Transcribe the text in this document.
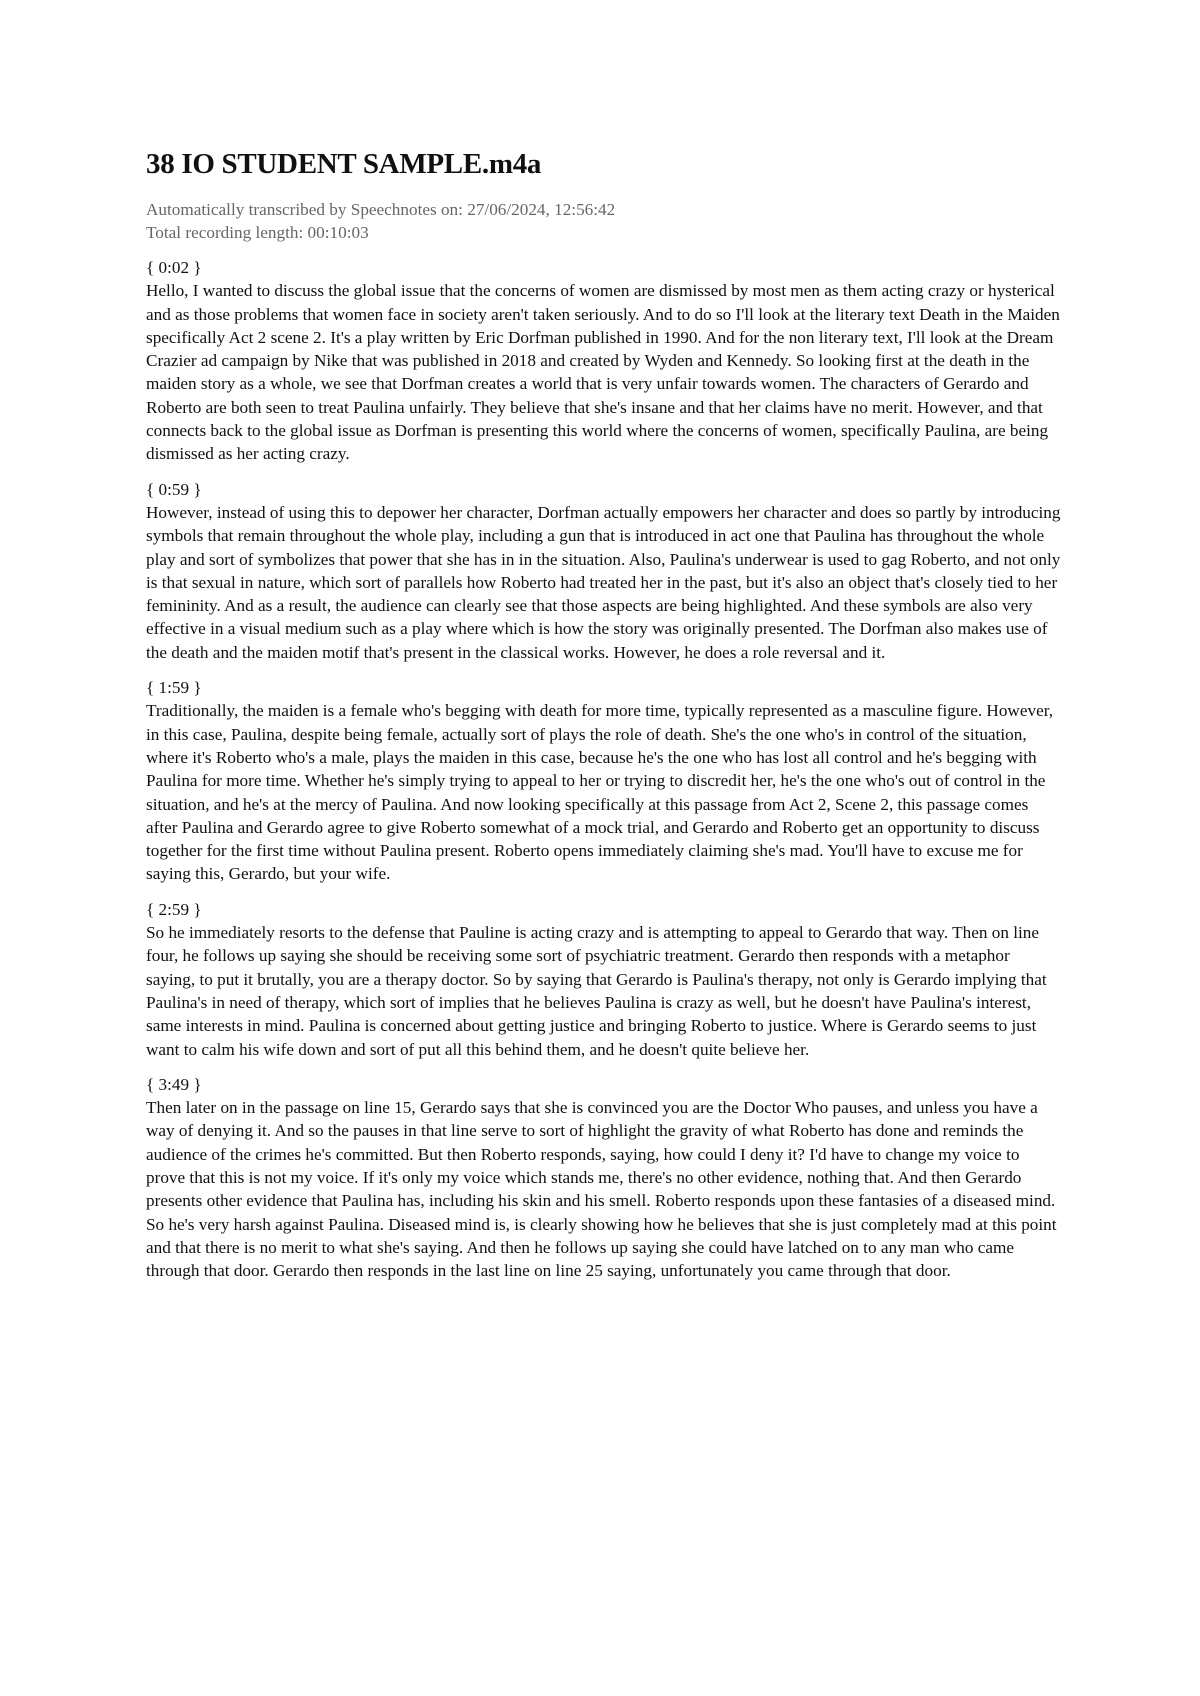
38 IO STUDENT SAMPLE.m4a
Automatically transcribed by Speechnotes on: 27/06/2024, 12:56:42
Total recording length: 00:10:03
{ 0:02 }

Hello, I wanted to discuss the global issue that the concerns of women are dismissed by most men as them acting crazy or hysterical and as those problems that women face in society aren't taken seriously. And to do so I'll look at the literary text Death in the Maiden specifically Act 2 scene 2. It's a play written by Eric Dorfman published in 1990. And for the non literary text, I'll look at the Dream Crazier ad campaign by Nike that was published in 2018 and created by Wyden and Kennedy. So looking first at the death in the maiden story as a whole, we see that Dorfman creates a world that is very unfair towards women. The characters of Gerardo and Roberto are both seen to treat Paulina unfairly. They believe that she's insane and that her claims have no merit. However, and that connects back to the global issue as Dorfman is presenting this world where the concerns of women, specifically Paulina, are being dismissed as her acting crazy.

{ 0:59 }

However, instead of using this to depower her character, Dorfman actually empowers her character and does so partly by introducing symbols that remain throughout the whole play, including a gun that is introduced in act one that Paulina has throughout the whole play and sort of symbolizes that power that she has in in the situation. Also, Paulina's underwear is used to gag Roberto, and not only is that sexual in nature, which sort of parallels how Roberto had treated her in the past, but it's also an object that's closely tied to her femininity. And as a result, the audience can clearly see that those aspects are being highlighted. And these symbols are also very effective in a visual medium such as a play where which is how the story was originally presented. The Dorfman also makes use of the death and the maiden motif that's present in the classical works. However, he does a role reversal and it.

{ 1:59 }

Traditionally, the maiden is a female who's begging with death for more time, typically represented as a masculine figure. However, in this case, Paulina, despite being female, actually sort of plays the role of death. She's the one who's in control of the situation, where it's Roberto who's a male, plays the maiden in this case, because he's the one who has lost all control and he's begging with Paulina for more time. Whether he's simply trying to appeal to her or trying to discredit her, he's the one who's out of control in the situation, and he's at the mercy of Paulina. And now looking specifically at this passage from Act 2, Scene 2, this passage comes after Paulina and Gerardo agree to give Roberto somewhat of a mock trial, and Gerardo and Roberto get an opportunity to discuss together for the first time without Paulina present. Roberto opens immediately claiming she's mad. You'll have to excuse me for saying this, Gerardo, but your wife.

{ 2:59 }

So he immediately resorts to the defense that Pauline is acting crazy and is attempting to appeal to Gerardo that way. Then on line four, he follows up saying she should be receiving some sort of psychiatric treatment. Gerardo then responds with a metaphor saying, to put it brutally, you are a therapy doctor. So by saying that Gerardo is Paulina's therapy, not only is Gerardo implying that Paulina's in need of therapy, which sort of implies that he believes Paulina is crazy as well, but he doesn't have Paulina's interest, same interests in mind. Paulina is concerned about getting justice and bringing Roberto to justice. Where is Gerardo seems to just want to calm his wife down and sort of put all this behind them, and he doesn't quite believe her.

{ 3:49 }

Then later on in the passage on line 15, Gerardo says that she is convinced you are the Doctor Who pauses, and unless you have a way of denying it. And so the pauses in that line serve to sort of highlight the gravity of what Roberto has done and reminds the audience of the crimes he's committed. But then Roberto responds, saying, how could I deny it? I'd have to change my voice to prove that this is not my voice. If it's only my voice which stands me, there's no other evidence, nothing that. And then Gerardo presents other evidence that Paulina has, including his skin and his smell. Roberto responds upon these fantasies of a diseased mind. So he's very harsh against Paulina. Diseased mind is, is clearly showing how he believes that she is just completely mad at this point and that there is no merit to what she's saying. And then he follows up saying she could have latched on to any man who came through that door. Gerardo then responds in the last line on line 25 saying, unfortunately you came through that door.
